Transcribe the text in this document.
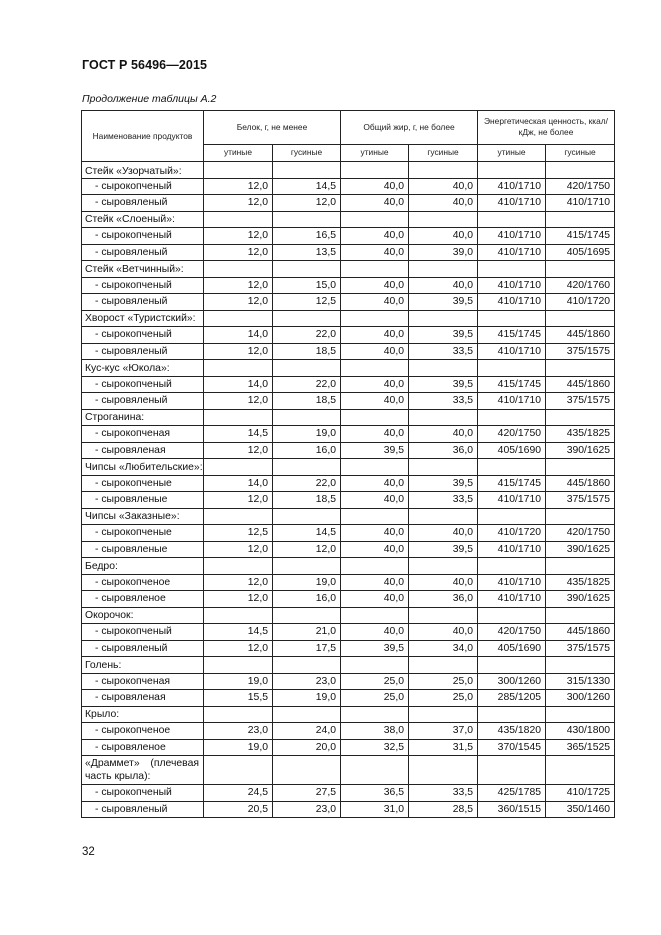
ГОСТ Р 56496—2015
Продолжение таблицы А.2
Наименование продуктов	Белок, г, не менее		Общий жир, г, не более		Энергетическая ценность, ккал/кДж, не более	
	утиные	гусиные	утиные	гусиные	утиные	гусиные
Стейк «Узорчатый»:						
- сырокопченый	12,0	14,5	40,0	40,0	410/1710	420/1750
- сыровяленый	12,0	12,0	40,0	40,0	410/1710	410/1710
Стейк «Слоеный»:						
- сырокопченый	12,0	16,5	40,0	40,0	410/1710	415/1745
- сыровяленый	12,0	13,5	40,0	39,0	410/1710	405/1695
Стейк «Ветчинный»:						
- сырокопченый	12,0	15,0	40,0	40,0	410/1710	420/1760
- сыровяленый	12,0	12,5	40,0	39,5	410/1710	410/1720
Хворост «Туристский»:						
- сырокопченый	14,0	22,0	40,0	39,5	415/1745	445/1860
- сыровяленый	12,0	18,5	40,0	33,5	410/1710	375/1575
Кус-кус «Юкола»:						
- сырокопченый	14,0	22,0	40,0	39,5	415/1745	445/1860
- сыровяленый	12,0	18,5	40,0	33,5	410/1710	375/1575
Строганина:						
- сырокопченая	14,5	19,0	40,0	40,0	420/1750	435/1825
- сыровяленая	12,0	16,0	39,5	36,0	405/1690	390/1625
Чипсы «Любительские»:						
- сырокопченые	14,0	22,0	40,0	39,5	415/1745	445/1860
- сыровяленые	12,0	18,5	40,0	33,5	410/1710	375/1575
Чипсы «Заказные»:						
- сырокопченые	12,5	14,5	40,0	40,0	410/1720	420/1750
- сыровяленые	12,0	12,0	40,0	39,5	410/1710	390/1625
Бедро:						
- сырокопченое	12,0	19,0	40,0	40,0	410/1710	435/1825
- сыровяленое	12,0	16,0	40,0	36,0	410/1710	390/1625
Окорочок:						
- сырокопченый	14,5	21,0	40,0	40,0	420/1750	445/1860
- сыровяленый	12,0	17,5	39,5	34,0	405/1690	375/1575
Голень:						
- сырокопченая	19,0	23,0	25,0	25,0	300/1260	315/1330
- сыровяленая	15,5	19,0	25,0	25,0	285/1205	300/1260
Крыло:						
- сырокопченое	23,0	24,0	38,0	37,0	435/1820	430/1800
- сыровяленое	19,0	20,0	32,5	31,5	370/1545	365/1525
«Драммет» (плечевая часть крыла):						
- сырокопченый	24,5	27,5	36,5	33,5	425/1785	410/1725
- сыровяленый	20,5	23,0	31,0	28,5	360/1515	350/1460
32
